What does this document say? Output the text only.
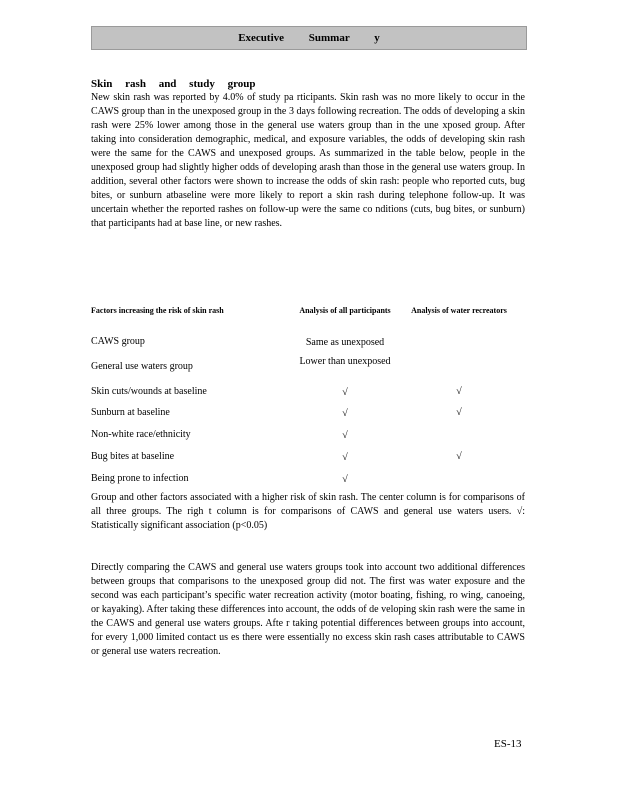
Executive Summar y
Skin rash and study group
New skin rash was reported by 4.0% of study pa rticipants. Skin rash was no more likely to occur in the CAWS group than in the unexposed group in the 3 days following recreation. The odds of developing a skin rash were 25% lower among those in the general use waters group than in the une xposed group. After taking into consideration demographic, medical, and exposure variables, the odds of developing skin rash were the same for the CAWS and unexposed groups. As summarized in the table below, people in the unexposed group had slightly higher odds of developing arash than those in the general use waters group. In addition, several other factors were shown to increase the odds of skin rash: people who reported cuts, bug bites, or sunburn atbaseline were more likely to report a skin rash during telephone follow-up. It was uncertain whether the reported rashes on follow-up were the same co nditions (cuts, bug bites, or sunburn) that participants had at base line, or new rashes.
Factors increasing the risk of skin rash	Analysis of all participants	Analysis of water recreators
CAWS group	Same as unexposed
General use waters group	Lower than unexposed
Skin cuts/wounds at baseline	√	√
Sunburn at baseline	√	√
Non-white race/ethnicity	√
Bug bites at baseline	√	√
Being prone to infection	√
Group and other factors associated with a higher risk of skin rash. The center column is for comparisons of all three groups. The righ t column is for comparisons of CAWS and general use waters users. √: Statistically significant association (p<0.05)
Directly comparing the CAWS and general use waters groups took into account two additional differences between groups that comparisons to the unexposed group did not. The first was water exposure and the second was each participant’s specific water recreation activity (motor boating, fishing, ro wing, canoeing, or kayaking). After taking these differences into account, the odds of de veloping skin rash were the same in the CAWS and general use waters groups. Afte r taking potential differences between groups into account, for every 1,000 limited contact us es there were essentially no excess skin rash cases attributable to CAWS or general use waters recreation.
ES-13
